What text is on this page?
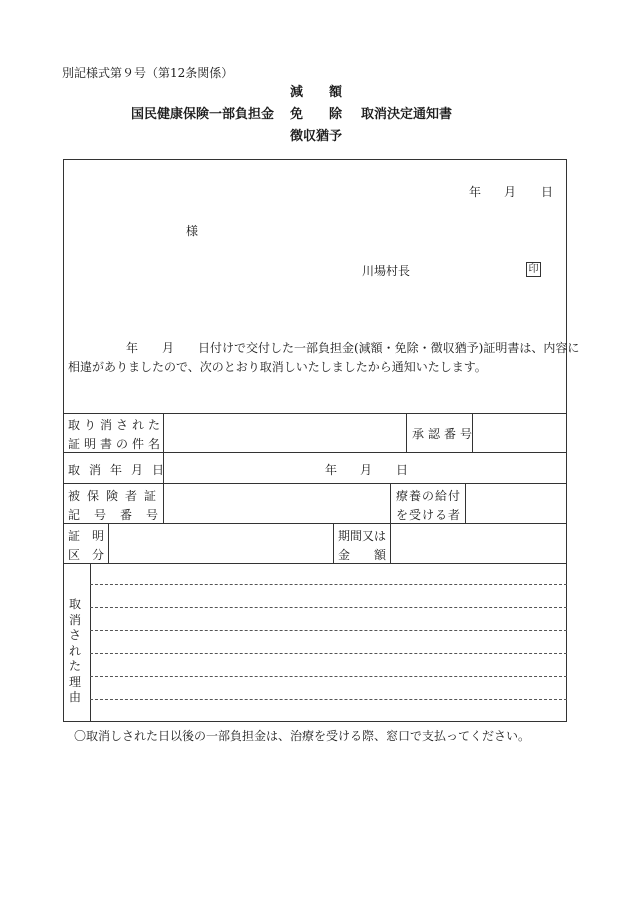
別記様式第９号（第12条関係）
国民健康保険一部負担金
減　　額
免　　除
徴収猶予
取消決定通知書
年 月 日
様
川場村長	印
年　　月　　日付けで交付した一部負担金(減額・免除・徴収猶予)証明書は、内容に
相違がありましたので、次のとおり取消しいたしましたから通知いたします。
取り消された
証明書の件名
承認番号
取消年月日	年 月 日
被保険者証
記号番号
療養の給付
を受ける者
証　明
区　分
期間又は
金　　額
取消された理由
〇取消しされた日以後の一部負担金は、治療を受ける際、窓口で支払ってください。
